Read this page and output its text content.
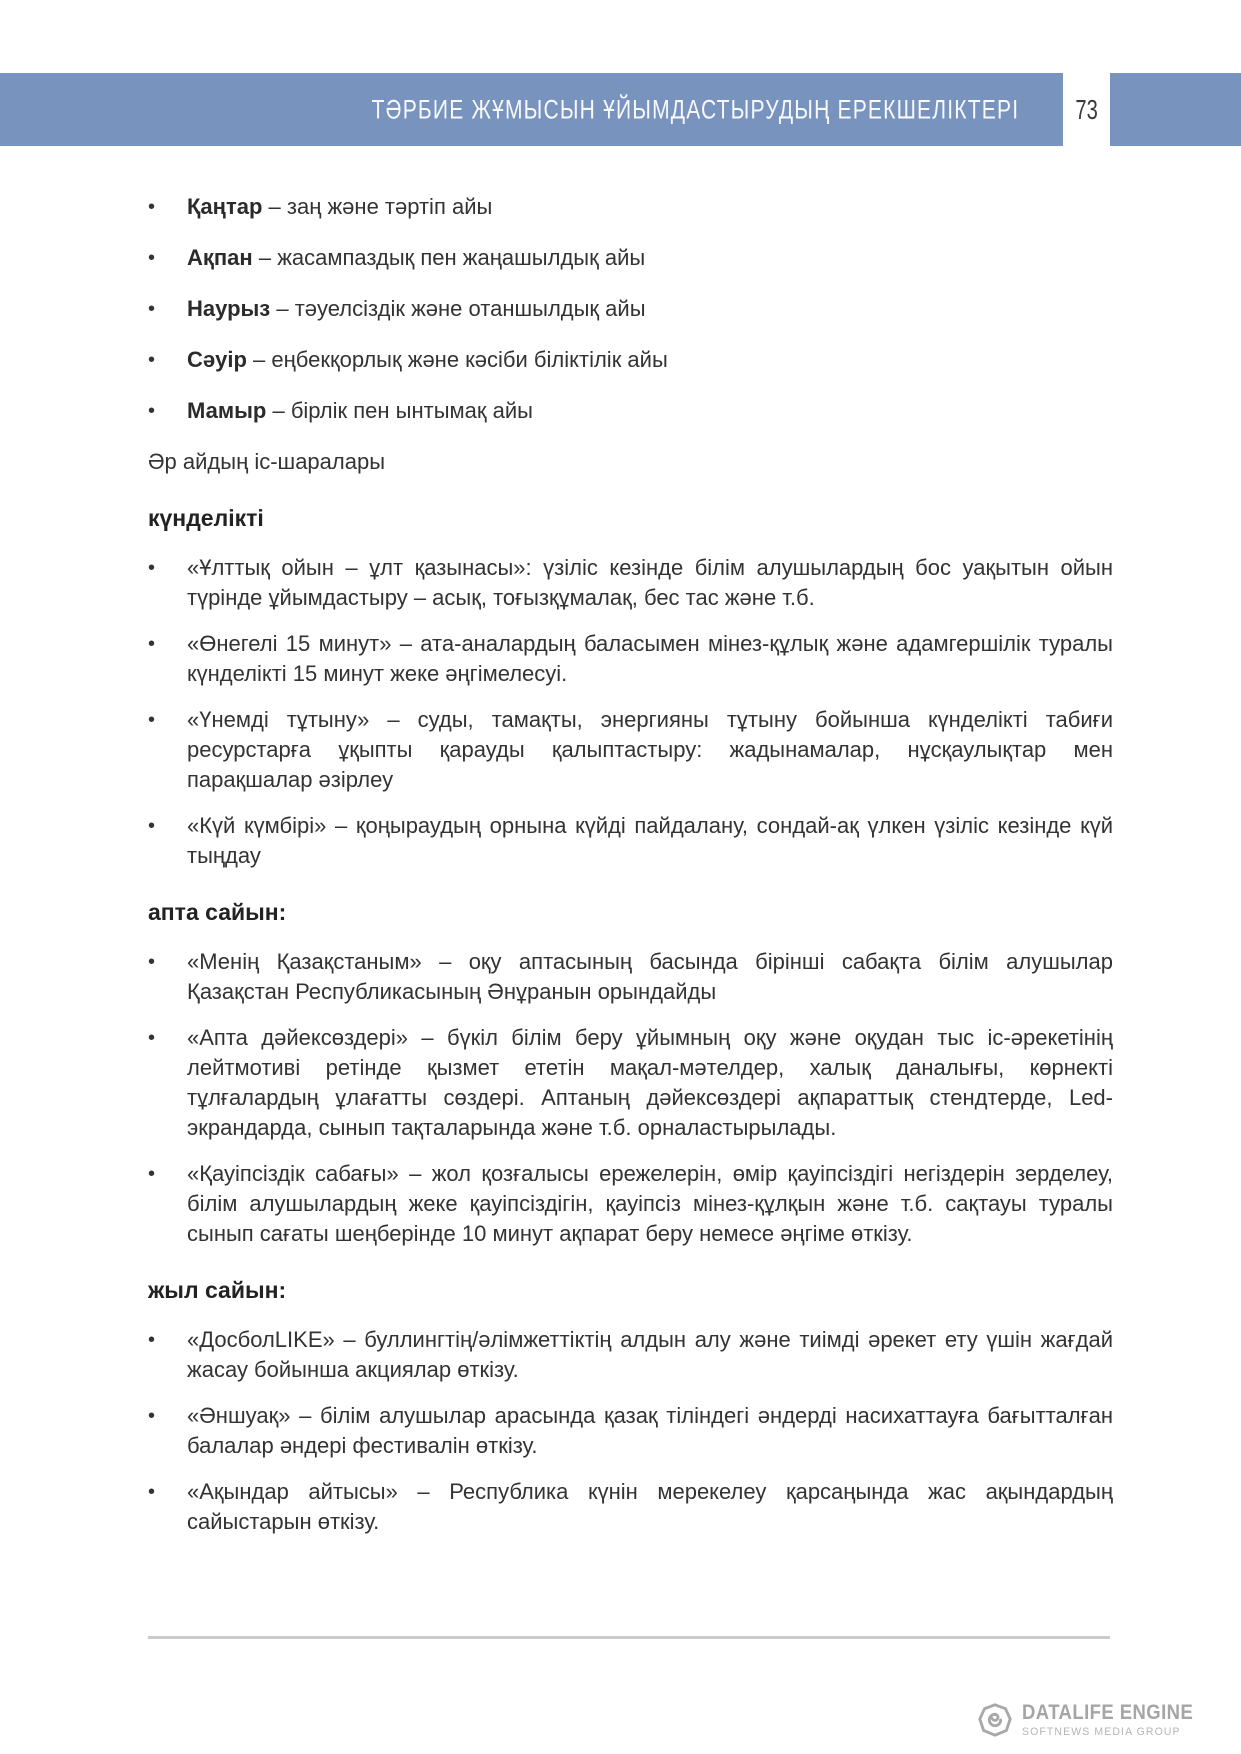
ТӘРБИЕ ЖҰМЫСЫН ҰЙЫМДАСТЫРУДЫҢ ЕРЕКШЕЛІКТЕРІ 73
•	Қаңтар – заң және тәртіп айы
•	Ақпан – жасампаздық пен жаңашылдық айы
•	Наурыз – тәуелсіздік және отаншылдық айы
•	Сәуір – еңбекқорлық және кәсіби біліктілік айы
•	Мамыр – бірлік пен ынтымақ айы

Әр айдың іс-шаралары

күнделікті
•	«Ұлттық ойын – ұлт қазынасы»: үзіліс кезінде білім алушылардың бос уақытын ойын түрінде ұйымдастыру – асық, тоғызқұмалақ, бес тас және т.б.
•	«Өнегелі 15 минут» – ата-аналардың баласымен мінез-құлық және адамгершілік туралы күнделікті 15 минут жеке әңгімелесуі.
•	«Үнемді тұтыну» – суды, тамақты, энергияны тұтыну бойынша күнделікті табиғи ресурстарға ұқыпты қарауды қалыптастыру: жадынамалар, нұсқаулықтар мен парақшалар әзірлеу
•	«Күй күмбірі» – қоңыраудың орнына күйді пайдалану, сондай-ақ үлкен үзіліс кезінде күй тыңдау
апта сайын:
•	«Менің Қазақстаным» – оқу аптасының басында бірінші сабақта білім алушылар Қазақстан Республикасының Әнұранын орындайды
•	«Апта дәйексөздері» – бүкіл білім беру ұйымның оқу және оқудан тыс іс-әрекетінің лейтмотиві ретінде қызмет ететін мақал-мәтелдер, халық даналығы, көрнекті тұлғалардың ұлағатты сөздері. Аптаның дәйексөздері ақпараттық стендтерде, Led-экрандарда, сынып тақталарында және т.б. орналастырылады.
•	«Қауіпсіздік сабағы» – жол қозғалысы ережелерін, өмір қауіпсіздігі негіздерін зерделеу, білім алушылардың жеке қауіпсіздігін, қауіпсіз мінез-құлқын және т.б. сақтауы туралы сынып сағаты шеңберінде 10 минут ақпарат беру немесе әңгіме өткізу.
жыл сайын:
•	«ДосболLIKE» – буллингтің/әлімжеттіктің алдын алу және тиімді әрекет ету үшін жағдай жасау бойынша акциялар өткізу.
•	«Әншуақ» – білім алушылар арасында қазақ тіліндегі әндерді насихаттауға бағытталған балалар әндері фестивалін өткізу.
•	«Ақындар айтысы» – Республика күнін мерекелеу қарсаңында жас ақындардың сайыстарын өткізу.
DATALIFE ENGINE
SOFTNEWS MEDIA GROUP
